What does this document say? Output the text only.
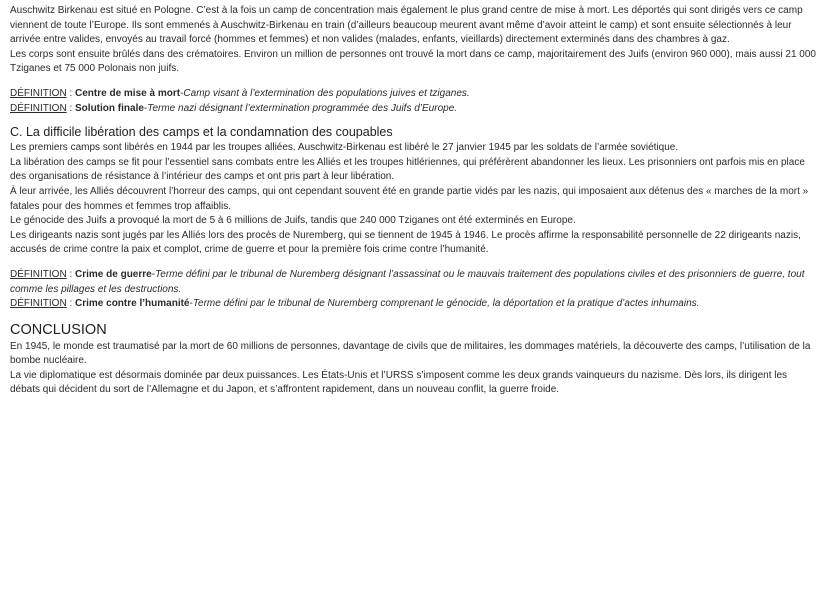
Auschwitz Birkenau est situé en Pologne. C’est à la fois un camp de concentration mais également le plus grand centre de mise à mort. Les déportés qui sont dirigés vers ce camp viennent de toute l’Europe. Ils sont emmenés à Auschwitz-Birkenau en train (d’ailleurs beaucoup meurent avant même d’avoir atteint le camp) et sont ensuite sélectionnés à leur arrivée entre valides, envoyés au travail forcé (hommes et femmes) et non valides (malades, enfants, vieillards) directement exterminés dans des chambres à gaz.

Les corps sont ensuite brûlés dans des crématoires. Environ un million de personnes ont trouvé la mort dans ce camp, majoritairement des Juifs (environ 960 000), mais aussi 21 000 Tziganes et 75 000 Polonais non juifs.

DÉFINITION : Centre de mise à mort-Camp visant à l’extermination des populations juives et tziganes.

DÉFINITION : Solution finale-Terme nazi désignant l’extermination programmée des Juifs d’Europe.

C. La difficile libération des camps et la condamnation des coupables

Les premiers camps sont libérés en 1944 par les troupes alliées. Auschwitz-Birkenau est libéré le 27 janvier 1945 par les soldats de l’armée soviétique.

La libération des camps se fit pour l’essentiel sans combats entre les Alliés et les troupes hitlériennes, qui préférèrent abandonner les lieux. Les prisonniers ont parfois mis en place des organisations de résistance à l’intérieur des camps et ont pris part à leur libération.

À leur arrivée, les Alliés découvrent l’horreur des camps, qui ont cependant souvent été en grande partie vidés par les nazis, qui imposaient aux détenus des « marches de la mort » fatales pour des hommes et femmes trop affaiblis.

Le génocide des Juifs a provoqué la mort de 5 à 6 millions de Juifs, tandis que 240 000 Tziganes ont été exterminés en Europe.

Les dirigeants nazis sont jugés par les Alliés lors des procès de Nuremberg, qui se tiennent de 1945 à 1946. Le procès affirme la responsabilité personnelle de 22 dirigeants nazis, accusés de crime contre la paix et complot, crime de guerre et pour la première fois crime contre l’humanité.

DÉFINITION : Crime de guerre-Terme défini par le tribunal de Nuremberg désignant l’assassinat ou le mauvais traitement des populations civiles et des prisonniers de guerre, tout comme les pillages et les destructions.

DÉFINITION : Crime contre l’humanité-Terme défini par le tribunal de Nuremberg comprenant le génocide, la déportation et la pratique d’actes inhumains.

CONCLUSION

En 1945, le monde est traumatisé par la mort de 60 millions de personnes, davantage de civils que de militaires, les dommages matériels, la découverte des camps, l’utilisation de la bombe nucléaire.

La vie diplomatique est désormais dominée par deux puissances. Les États-Unis et l’URSS s’imposent comme les deux grands vainqueurs du nazisme. Dès lors, ils dirigent les débats qui décident du sort de l’Allemagne et du Japon, et s’affrontent rapidement, dans un nouveau conflit, la guerre froide.
